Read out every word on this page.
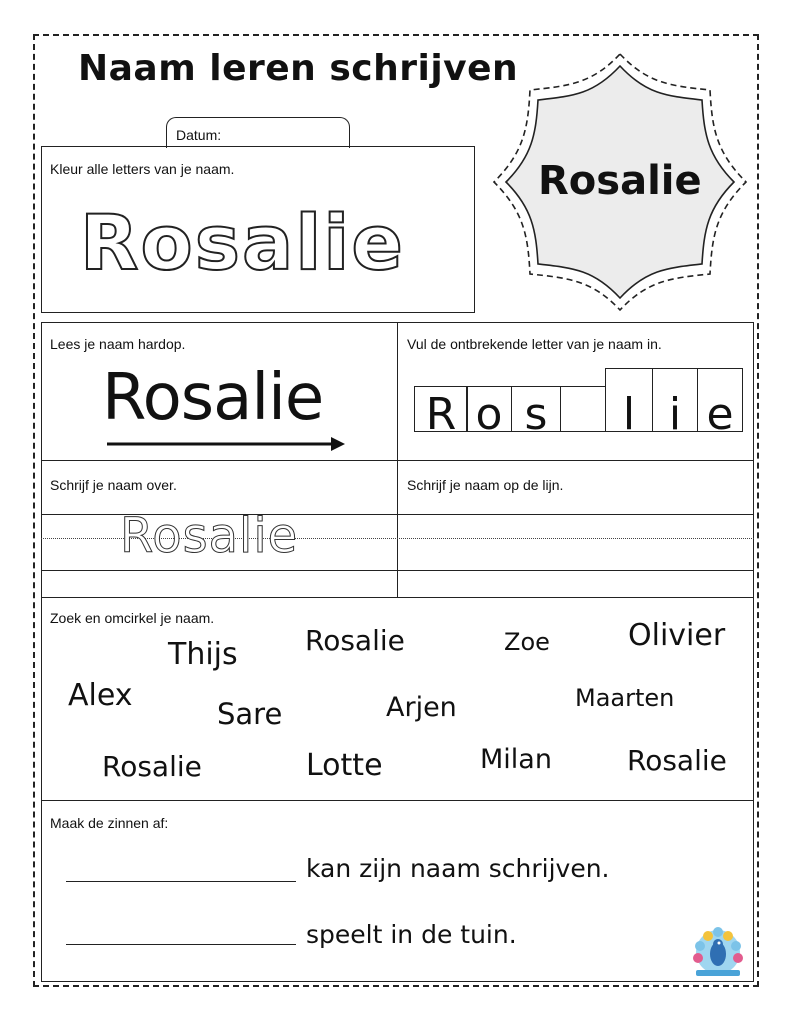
Naam leren schrijven
Rosalie
Datum:
Kleur alle letters van je naam.
Rosalie
Lees je naam hardop.
Rosalie
Vul de ontbrekende letter van je naam in.
R o s	l i e
Schrijf je naam over.	Schrijf je naam op de lijn.
Rosalie
Zoek en omcirkel je naam.
Thijs Rosalie	Zoe	Olivier
Alex
Sare	Arjen	Maarten
Rosalie	Lotte	Milan	Rosalie
Maak de zinnen af:
kan zijn naam schrijven.
speelt in de tuin.
